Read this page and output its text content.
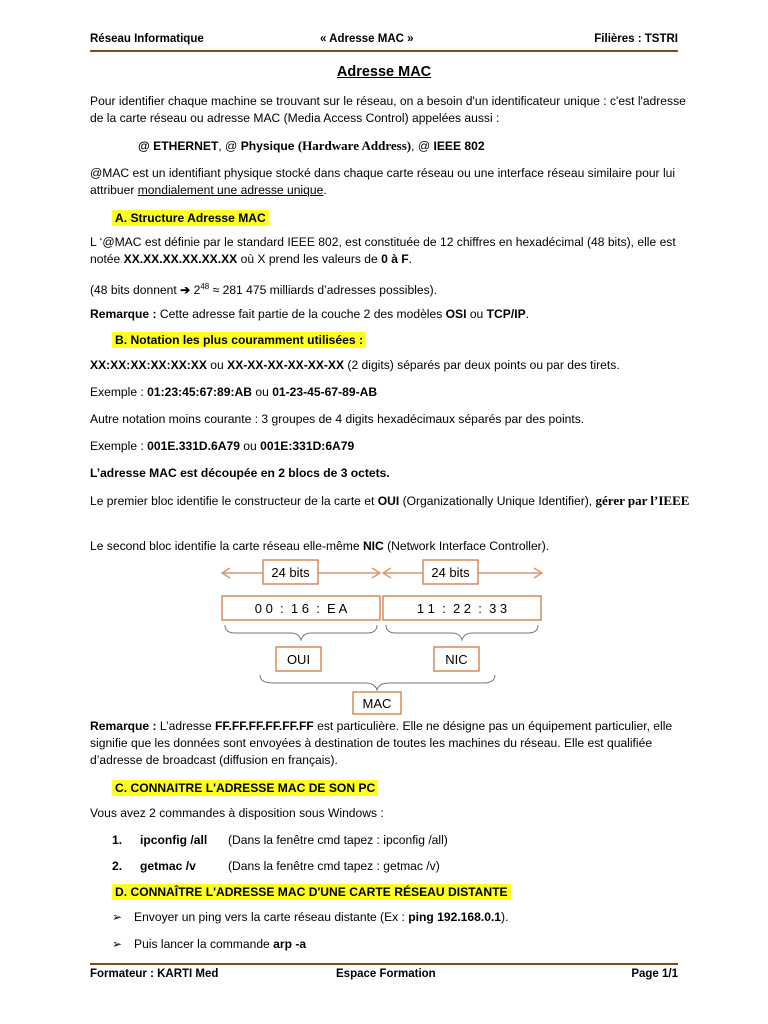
Réseau Informatique	« Adresse MAC »	Filières : TSTRI
Adresse MAC
Pour identifier chaque machine se trouvant sur le réseau, on a besoin d'un identificateur unique : c'est l'adresse de la carte réseau ou adresse MAC (Media Access Control) appelées aussi :
@ ETHERNET, @ Physique (Hardware Address), @ IEEE 802
@MAC est un identifiant physique stocké dans chaque carte réseau ou une interface réseau similaire pour lui attribuer mondialement une adresse unique.
A. Structure Adresse MAC
L ‘@MAC est définie par le standard IEEE 802, est constituée de 12 chiffres en hexadécimal (48 bits), elle est notée XX.XX.XX.XX.XX.XX où X prend les valeurs de 0 à F.
(48 bits donnent ➔ $2^{48} \approx 281$ 475 milliards d’adresses possibles).
Remarque : Cette adresse fait partie de la couche 2 des modèles OSI ou TCP/IP.
B. Notation les plus couramment utilisées :
XX:XX:XX:XX:XX:XX ou XX-XX-XX-XX-XX-XX (2 digits) séparés par deux points ou par des tirets.
Exemple : 01:23:45:67:89:AB ou 01-23-45-67-89-AB
Autre notation moins courante : 3 groupes de 4 digits hexadécimaux séparés par des points.
Exemple : 001E.331D.6A79 ou 001E:331D:6A79
L’adresse MAC est découpée en 2 blocs de 3 octets.
Le premier bloc identifie le constructeur de la carte et OUI (Organizationally Unique Identifier), gérer par l’IEEE
Le second bloc identifie la carte réseau elle-même NIC (Network Interface Controller).
24 bits	24 bits
0 0  :  1 6  :  E A	1 1  :  2 2  :  3 3
OUI	NIC
MAC
Remarque : L’adresse FF.FF.FF.FF.FF.FF est particulière. Elle ne désigne pas un équipement particulier, elle signifie que les données sont envoyées à destination de toutes les machines du réseau. Elle est qualifiée d’adresse de broadcast (diffusion en français).
C. CONNAITRE L'ADRESSE MAC DE SON PC
Vous avez 2 commandes à disposition sous Windows :
1. ipconfig /all (Dans la fenêtre cmd tapez : ipconfig /all)
2. getmac /v	(Dans la fenêtre cmd tapez : getmac /v)
D. CONNAÎTRE L'ADRESSE MAC D'UNE CARTE RÉSEAU DISTANTE
➢ Envoyer un ping vers la carte réseau distante (Ex : ping 192.168.0.1).
➢ Puis lancer la commande arp -a
Formateur : KARTI Med	Espace Formation	Page 1/1
